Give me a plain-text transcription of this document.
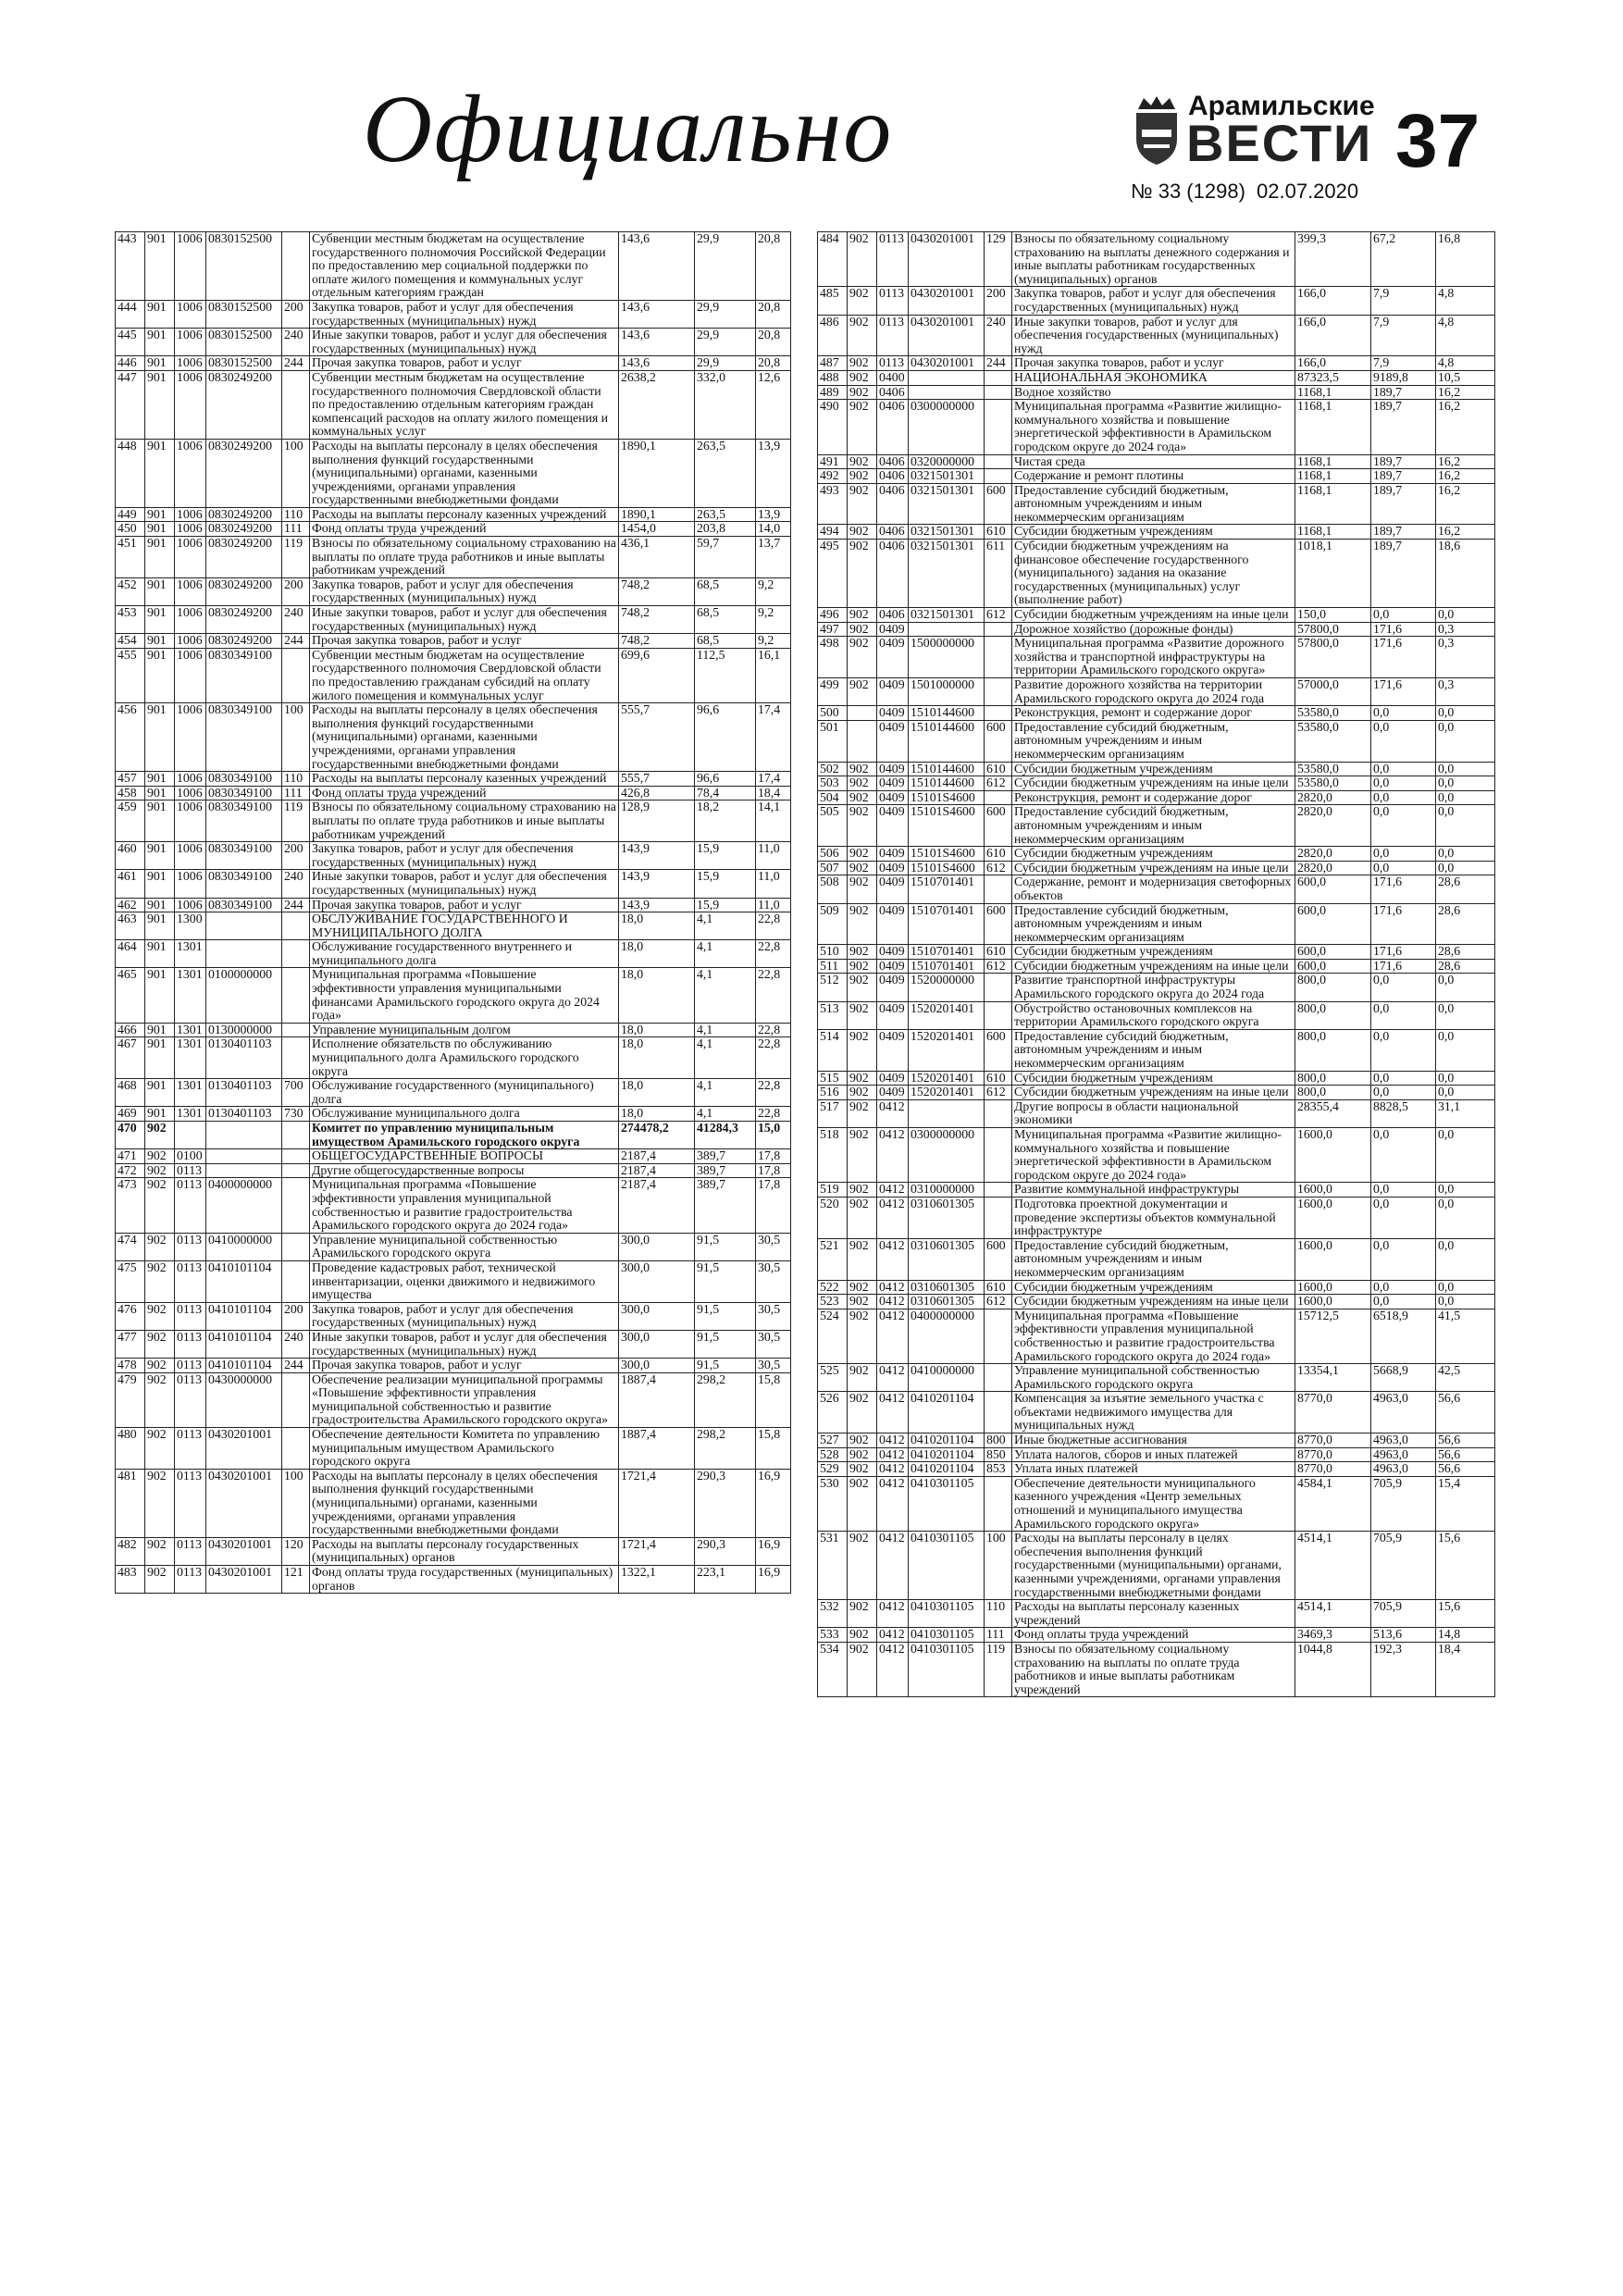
Официально	Арамильские
ВЕСТИ 37
№ 33 (1298) 02.07.2020
443	901	1006	0830152500		Субвенции местным бюджетам на осуществление государственного полномочия Российской Федерации по предоставлению мер социальной поддержки по оплате жилого помещения и коммунальных услуг отдельным категориям граждан	143,6	29,9	20,8
444	901	1006	0830152500	200	Закупка товаров, работ и услуг для обеспечения государственных (муниципальных) нужд	143,6	29,9	20,8
445	901	1006	0830152500	240	Иные закупки товаров, работ и услуг для обеспечения государственных (муниципальных) нужд	143,6	29,9	20,8
446	901	1006	0830152500	244	Прочая закупка товаров, работ и услуг	143,6	29,9	20,8
447	901	1006	0830249200		Субвенции местным бюджетам на осуществление государственного полномочия Свердловской области по предоставлению отдельным категориям граждан компенсаций расходов на оплату жилого помещения и коммунальных услуг	2638,2	332,0	12,6
448	901	1006	0830249200	100	Расходы на выплаты персоналу в целях обеспечения выполнения функций государственными (муниципальными) органами, казенными учреждениями, органами управления государственными внебюджетными фондами	1890,1	263,5	13,9
449	901	1006	0830249200	110	Расходы на выплаты персоналу казенных учреждений	1890,1	263,5	13,9
450	901	1006	0830249200	111	Фонд оплаты труда учреждений	1454,0	203,8	14,0
451	901	1006	0830249200	119	Взносы по обязательному социальному страхованию на выплаты по оплате труда работников и иные выплаты работникам учреждений	436,1	59,7	13,7
452	901	1006	0830249200	200	Закупка товаров, работ и услуг для обеспечения государственных (муниципальных) нужд	748,2	68,5	9,2
453	901	1006	0830249200	240	Иные закупки товаров, работ и услуг для обеспечения государственных (муниципальных) нужд	748,2	68,5	9,2
454	901	1006	0830249200	244	Прочая закупка товаров, работ и услуг	748,2	68,5	9,2
455	901	1006	0830349100		Субвенции местным бюджетам на осуществление государственного полномочия Свердловской области по предоставлению гражданам субсидий на оплату жилого помещения и коммунальных услуг	699,6	112,5	16,1
456	901	1006	0830349100	100	Расходы на выплаты персоналу в целях обеспечения выполнения функций государственными (муниципальными) органами, казенными учреждениями, органами управления государственными внебюджетными фондами	555,7	96,6	17,4
457	901	1006	0830349100	110	Расходы на выплаты персоналу казенных учреждений	555,7	96,6	17,4
458	901	1006	0830349100	111	Фонд оплаты труда учреждений	426,8	78,4	18,4
459	901	1006	0830349100	119	Взносы по обязательному социальному страхованию на выплаты по оплате труда работников и иные выплаты работникам учреждений	128,9	18,2	14,1
460	901	1006	0830349100	200	Закупка товаров, работ и услуг для обеспечения государственных (муниципальных) нужд	143,9	15,9	11,0
461	901	1006	0830349100	240	Иные закупки товаров, работ и услуг для обеспечения государственных (муниципальных) нужд	143,9	15,9	11,0
462	901	1006	0830349100	244	Прочая закупка товаров, работ и услуг	143,9	15,9	11,0
463	901	1300			ОБСЛУЖИВАНИЕ ГОСУДАРСТВЕННОГО И МУНИЦИПАЛЬНОГО ДОЛГА	18,0	4,1	22,8
464	901	1301			Обслуживание государственного внутреннего и муниципального долга	18,0	4,1	22,8
465	901	1301	0100000000		Муниципальная программа «Повышение эффективности управления муниципальными финансами Арамильского городского округа до 2024 года»	18,0	4,1	22,8
466	901	1301	0130000000		Управление муниципальным долгом	18,0	4,1	22,8
467	901	1301	0130401103		Исполнение обязательств по обслуживанию муниципального долга Арамильского городского округа	18,0	4,1	22,8
468	901	1301	0130401103	700	Обслуживание государственного (муниципального) долга	18,0	4,1	22,8
469	901	1301	0130401103	730	Обслуживание муниципального долга	18,0	4,1	22,8
470	902				Комитет по управлению муниципальным имуществом Арамильского городского округа	274478,2	41284,3	15,0
471	902	0100			ОБЩЕГОСУДАРСТВЕННЫЕ ВОПРОСЫ	2187,4	389,7	17,8
472	902	0113			Другие общегосударственные вопросы	2187,4	389,7	17,8
473	902	0113	0400000000		Муниципальная программа «Повышение эффективности управления муниципальной собственностью и развитие градостроительства Арамильского городского округа до 2024 года»	2187,4	389,7	17,8
474	902	0113	0410000000		Управление муниципальной собственностью Арамильского городского округа	300,0	91,5	30,5
475	902	0113	0410101104		Проведение кадастровых работ, технической инвентаризации, оценки движимого и недвижимого имущества	300,0	91,5	30,5
476	902	0113	0410101104	200	Закупка товаров, работ и услуг для обеспечения государственных (муниципальных) нужд	300,0	91,5	30,5
477	902	0113	0410101104	240	Иные закупки товаров, работ и услуг для обеспечения государственных (муниципальных) нужд	300,0	91,5	30,5
478	902	0113	0410101104	244	Прочая закупка товаров, работ и услуг	300,0	91,5	30,5
479	902	0113	0430000000		Обеспечение реализации муниципальной программы «Повышение эффективности управления муниципальной собственностью и развитие градостроительства Арамильского городского округа»	1887,4	298,2	15,8
480	902	0113	0430201001		Обеспечение деятельности Комитета по управлению муниципальным имуществом Арамильского городского округа	1887,4	298,2	15,8
481	902	0113	0430201001	100	Расходы на выплаты персоналу в целях обеспечения выполнения функций государственными (муниципальными) органами, казенными учреждениями, органами управления государственными внебюджетными фондами	1721,4	290,3	16,9
482	902	0113	0430201001	120	Расходы на выплаты персоналу государственных (муниципальных) органов	1721,4	290,3	16,9
483	902	0113	0430201001	121	Фонд оплаты труда государственных (муниципальных) органов	1322,1	223,1	16,9
484	902	0113	0430201001	129	Взносы по обязательному социальному страхованию на выплаты денежного содержания и иные выплаты работникам государственных (муниципальных) органов	399,3	67,2	16,8
485	902	0113	0430201001	200	Закупка товаров, работ и услуг для обеспечения государственных (муниципальных) нужд	166,0	7,9	4,8
486	902	0113	0430201001	240	Иные закупки товаров, работ и услуг для обеспечения государственных (муниципальных) нужд	166,0	7,9	4,8
487	902	0113	0430201001	244	Прочая закупка товаров, работ и услуг	166,0	7,9	4,8
488	902	0400			НАЦИОНАЛЬНАЯ ЭКОНОМИКА	87323,5	9189,8	10,5
489	902	0406			Водное хозяйство	1168,1	189,7	16,2
490	902	0406	0300000000		Муниципальная программа «Развитие жилищно-коммунального хозяйства и повышение энергетической эффективности в Арамильском городском округе до 2024 года»	1168,1	189,7	16,2
491	902	0406	0320000000		Чистая среда	1168,1	189,7	16,2
492	902	0406	0321501301		Содержание и ремонт плотины	1168,1	189,7	16,2
493	902	0406	0321501301	600	Предоставление субсидий бюджетным, автономным учреждениям и иным некоммерческим организациям	1168,1	189,7	16,2
494	902	0406	0321501301	610	Субсидии бюджетным учреждениям	1168,1	189,7	16,2
495	902	0406	0321501301	611	Субсидии бюджетным учреждениям на финансовое обеспечение государственного (муниципального) задания на оказание государственных (муниципальных) услуг (выполнение работ)	1018,1	189,7	18,6
496	902	0406	0321501301	612	Субсидии бюджетным учреждениям на иные цели	150,0	0,0	0,0
497	902	0409			Дорожное хозяйство (дорожные фонды)	57800,0	171,6	0,3
498	902	0409	1500000000		Муниципальная программа «Развитие дорожного хозяйства и транспортной инфраструктуры на территории Арамильского городского округа»	57800,0	171,6	0,3
499	902	0409	1501000000		Развитие дорожного хозяйства на территории Арамильского городского округа до 2024 года	57000,0	171,6	0,3
500		0409	1510144600		Реконструкция, ремонт и содержание дорог	53580,0	0,0	0,0
501		0409	1510144600	600	Предоставление субсидий бюджетным, автономным учреждениям и иным некоммерческим организациям	53580,0	0,0	0,0
502	902	0409	1510144600	610	Субсидии бюджетным учреждениям	53580,0	0,0	0,0
503	902	0409	1510144600	612	Субсидии бюджетным учреждениям на иные цели	53580,0	0,0	0,0
504	902	0409	15101S4600		Реконструкция, ремонт и содержание дорог	2820,0	0,0	0,0
505	902	0409	15101S4600	600	Предоставление субсидий бюджетным, автономным учреждениям и иным некоммерческим организациям	2820,0	0,0	0,0
506	902	0409	15101S4600	610	Субсидии бюджетным учреждениям	2820,0	0,0	0,0
507	902	0409	15101S4600	612	Субсидии бюджетным учреждениям на иные цели	2820,0	0,0	0,0
508	902	0409	1510701401		Содержание, ремонт и модернизация светофорных объектов	600,0	171,6	28,6
509	902	0409	1510701401	600	Предоставление субсидий бюджетным, автономным учреждениям и иным некоммерческим организациям	600,0	171,6	28,6
510	902	0409	1510701401	610	Субсидии бюджетным учреждениям	600,0	171,6	28,6
511	902	0409	1510701401	612	Субсидии бюджетным учреждениям на иные цели	600,0	171,6	28,6
512	902	0409	1520000000		Развитие транспортной инфраструктуры Арамильского городского округа до 2024 года	800,0	0,0	0,0
513	902	0409	1520201401		Обустройство остановочных комплексов на территории Арамильского городского округа	800,0	0,0	0,0
514	902	0409	1520201401	600	Предоставление субсидий бюджетным, автономным учреждениям и иным некоммерческим организациям	800,0	0,0	0,0
515	902	0409	1520201401	610	Субсидии бюджетным учреждениям	800,0	0,0	0,0
516	902	0409	1520201401	612	Субсидии бюджетным учреждениям на иные цели	800,0	0,0	0,0
517	902	0412			Другие вопросы в области национальной экономики	28355,4	8828,5	31,1
518	902	0412	0300000000		Муниципальная программа «Развитие жилищно-коммунального хозяйства и повышение энергетической эффективности в Арамильском городском округе до 2024 года»	1600,0	0,0	0,0
519	902	0412	0310000000		Развитие коммунальной инфраструктуры	1600,0	0,0	0,0
520	902	0412	0310601305		Подготовка проектной документации и проведение экспертизы объектов коммунальной инфраструктуре	1600,0	0,0	0,0
521	902	0412	0310601305	600	Предоставление субсидий бюджетным, автономным учреждениям и иным некоммерческим организациям	1600,0	0,0	0,0
522	902	0412	0310601305	610	Субсидии бюджетным учреждениям	1600,0	0,0	0,0
523	902	0412	0310601305	612	Субсидии бюджетным учреждениям на иные цели	1600,0	0,0	0,0
524	902	0412	0400000000		Муниципальная программа «Повышение эффективности управления муниципальной собственностью и развитие градостроительства Арамильского городского округа до 2024 года»	15712,5	6518,9	41,5
525	902	0412	0410000000		Управление муниципальной собственностью Арамильского городского округа	13354,1	5668,9	42,5
526	902	0412	0410201104		Компенсация за изъятие земельного участка с объектами недвижимого имущества для муниципальных нужд	8770,0	4963,0	56,6
527	902	0412	0410201104	800	Иные бюджетные ассигнования	8770,0	4963,0	56,6
528	902	0412	0410201104	850	Уплата налогов, сборов и иных платежей	8770,0	4963,0	56,6
529	902	0412	0410201104	853	Уплата иных платежей	8770,0	4963,0	56,6
530	902	0412	0410301105		Обеспечение деятельности муниципального казенного учреждения «Центр земельных отношений и муниципального имущества Арамильского городского округа»	4584,1	705,9	15,4
531	902	0412	0410301105	100	Расходы на выплаты персоналу в целях обеспечения выполнения функций государственными (муниципальными) органами, казенными учреждениями, органами управления государственными внебюджетными фондами	4514,1	705,9	15,6
532	902	0412	0410301105	110	Расходы на выплаты персоналу казенных учреждений	4514,1	705,9	15,6
533	902	0412	0410301105	111	Фонд оплаты труда учреждений	3469,3	513,6	14,8
534	902	0412	0410301105	119	Взносы по обязательному социальному страхованию на выплаты по оплате труда работников и иные выплаты работникам учреждений	1044,8	192,3	18,4
